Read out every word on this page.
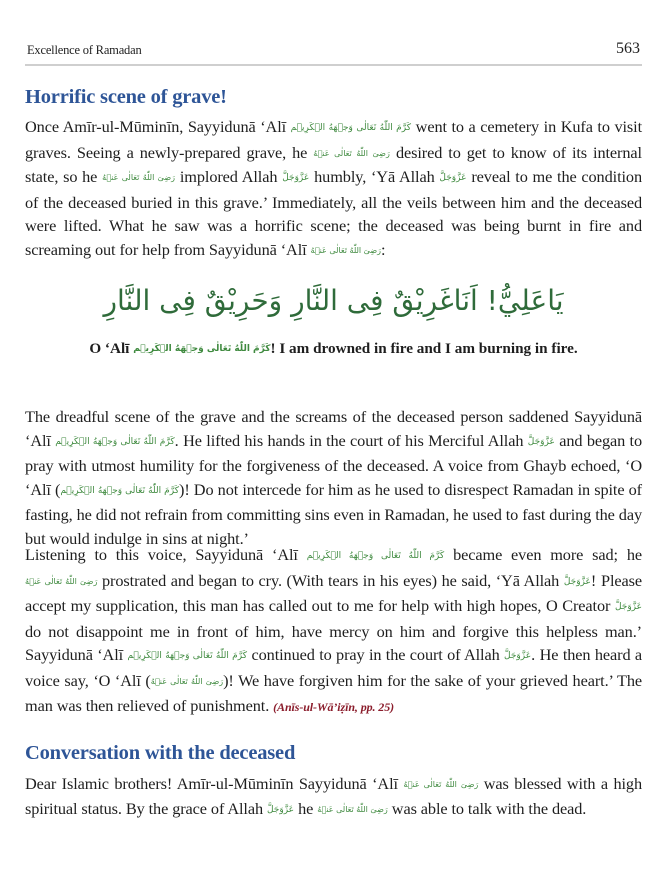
Excellence of Ramadan	563
Horrific scene of grave!

Once Amīr-ul-Mūminīn, Sayyidunā ‘Alī كَرَّمَ اللّٰهُ تَعَالٰی وَجۡهَهُ الۡكَرِيۡم went to a cemetery in Kufa to visit graves. Seeing a newly-prepared grave, he رَضِیَ اللّٰهُ تَعَالٰی عَنۡهُ desired to get to know of its internal state, so he رَضِیَ اللّٰهُ تَعَالٰی عَنۡهُ implored Allah عَزَّوَجَلَّ humbly, ‘Yā Allah عَزَّوَجَلَّ reveal to me the condition of the deceased buried in this grave.’ Immediately, all the veils between him and the deceased were lifted. What he saw was a horrific scene; the deceased was being burnt in fire and screaming out for help from Sayyidunā ‘Alī رَضِیَ اللّٰهُ تَعَالٰی عَنۡهُ:

يَاعَلِيُّ! اَنَاغَرِيْقٌ فِی النَّارِ وَحَرِيْقٌ فِی النَّارِ
O ‘Alī كَرَّمَ اللّٰهُ تَعَالٰی وَجۡهَهُ الۡكَرِيۡم! I am drowned in fire and I am burning in fire.

The dreadful scene of the grave and the screams of the deceased person saddened Sayyidunā ‘Alī كَرَّمَ اللّٰهُ تَعَالٰی وَجۡهَهُ الۡكَرِيۡم. He lifted his hands in the court of his Merciful Allah عَزَّوَجَلَّ and began to pray with utmost humility for the forgiveness of the deceased. A voice from Ghayb echoed, ‘O ‘Alī (كَرَّمَ اللّٰهُ تَعَالٰی وَجۡهَهُ الۡكَرِيۡم)! Do not intercede for him as he used to disrespect Ramadan in spite of fasting, he did not refrain from committing sins even in Ramadan, he used to fast during the day but would indulge in sins at night.’

Listening to this voice, Sayyidunā ‘Alī كَرَّمَ اللّٰهُ تَعَالٰی وَجۡهَهُ الۡكَرِيۡم became even more sad; he رَضِیَ اللّٰهُ تَعَالٰی عَنۡهُ prostrated and began to cry. (With tears in his eyes) he said, ‘Yā Allah عَزَّوَجَلَّ! Please accept my supplication, this man has called out to me for help with high hopes, O Creator عَزَّوَجَلَّ do not disappoint me in front of him, have mercy on him and forgive this helpless man.’ Sayyidunā ‘Alī كَرَّمَ اللّٰهُ تَعَالٰی وَجۡهَهُ الۡكَرِيۡم continued to pray in the court of Allah عَزَّوَجَلَّ. He then heard a voice say, ‘O ‘Alī (رَضِیَ اللّٰهُ تَعَالٰی عَنۡهُ)! We have forgiven him for the sake of your grieved heart.’ The man was then relieved of punishment. (Anīs-ul-Wā’iẓīn, pp. 25)

Conversation with the deceased

Dear Islamic brothers! Amīr-ul-Mūminīn Sayyidunā ‘Alī رَضِیَ اللّٰهُ تَعَالٰی عَنۡهُ was blessed with a high spiritual status. By the grace of Allah عَزَّوَجَلَّ he رَضِیَ اللّٰهُ تَعَالٰی عَنۡهُ was able to talk with the dead.
